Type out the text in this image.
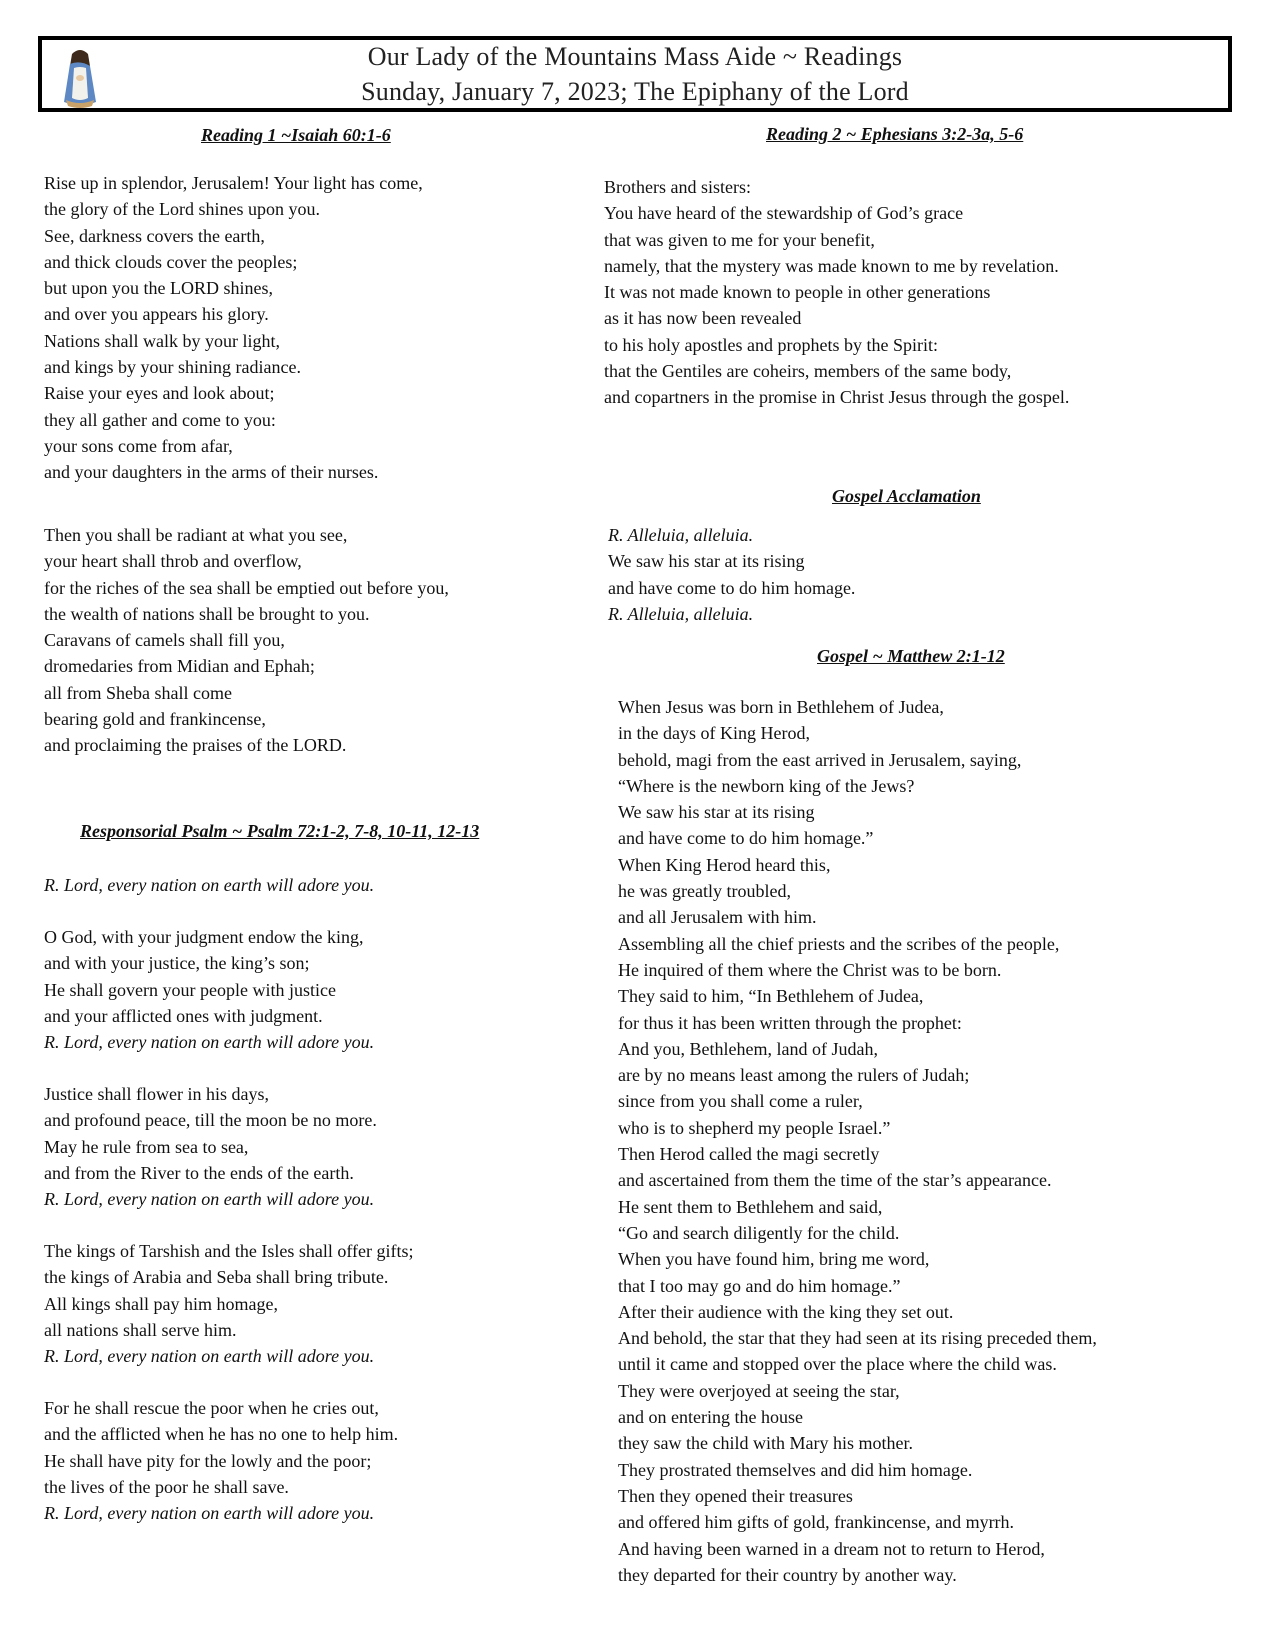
Our Lady of the Mountains Mass Aide ~ Readings
Sunday, January 7, 2023; The Epiphany of the Lord
Reading 1 ~Isaiah 60:1-6
Rise up in splendor, Jerusalem! Your light has come,
the glory of the Lord shines upon you.
See, darkness covers the earth,
and thick clouds cover the peoples;
but upon you the LORD shines,
and over you appears his glory.
Nations shall walk by your light,
and kings by your shining radiance.
Raise your eyes and look about;
they all gather and come to you:
your sons come from afar,
and your daughters in the arms of their nurses.
Then you shall be radiant at what you see,
your heart shall throb and overflow,
for the riches of the sea shall be emptied out before you,
the wealth of nations shall be brought to you.
Caravans of camels shall fill you,
dromedaries from Midian and Ephah;
all from Sheba shall come
bearing gold and frankincense,
and proclaiming the praises of the LORD.
Responsorial Psalm ~ Psalm 72:1-2, 7-8, 10-11, 12-13
R. Lord, every nation on earth will adore you.
O God, with your judgment endow the king,
and with your justice, the king’s son;
He shall govern your people with justice
and your afflicted ones with judgment.
R. Lord, every nation on earth will adore you.
Justice shall flower in his days,
and profound peace, till the moon be no more.
May he rule from sea to sea,
and from the River to the ends of the earth.
R. Lord, every nation on earth will adore you.
The kings of Tarshish and the Isles shall offer gifts;
the kings of Arabia and Seba shall bring tribute.
All kings shall pay him homage,
all nations shall serve him.
R. Lord, every nation on earth will adore you.
For he shall rescue the poor when he cries out,
and the afflicted when he has no one to help him.
He shall have pity for the lowly and the poor;
the lives of the poor he shall save.
R. Lord, every nation on earth will adore you.
Reading 2 ~ Ephesians 3:2-3a, 5-6
Brothers and sisters:
You have heard of the stewardship of God’s grace
that was given to me for your benefit,
namely, that the mystery was made known to me by revelation.
It was not made known to people in other generations
as it has now been revealed
to his holy apostles and prophets by the Spirit:
that the Gentiles are coheirs, members of the same body,
and copartners in the promise in Christ Jesus through the gospel.
Gospel Acclamation
R. Alleluia, alleluia.
We saw his star at its rising
and have come to do him homage.
R. Alleluia, alleluia.
Gospel ~ Matthew 2:1-12
When Jesus was born in Bethlehem of Judea,
in the days of King Herod,
behold, magi from the east arrived in Jerusalem, saying,
“Where is the newborn king of the Jews?
We saw his star at its rising
and have come to do him homage.”
When King Herod heard this,
he was greatly troubled,
and all Jerusalem with him.
Assembling all the chief priests and the scribes of the people,
He inquired of them where the Christ was to be born.
They said to him, “In Bethlehem of Judea,
for thus it has been written through the prophet:
And you, Bethlehem, land of Judah,
are by no means least among the rulers of Judah;
since from you shall come a ruler,
who is to shepherd my people Israel.”
Then Herod called the magi secretly
and ascertained from them the time of the star’s appearance.
He sent them to Bethlehem and said,
“Go and search diligently for the child.
When you have found him, bring me word,
that I too may go and do him homage.”
After their audience with the king they set out.
And behold, the star that they had seen at its rising preceded them,
until it came and stopped over the place where the child was.
They were overjoyed at seeing the star,
and on entering the house
they saw the child with Mary his mother.
They prostrated themselves and did him homage.
Then they opened their treasures
and offered him gifts of gold, frankincense, and myrrh.
And having been warned in a dream not to return to Herod,
they departed for their country by another way.
